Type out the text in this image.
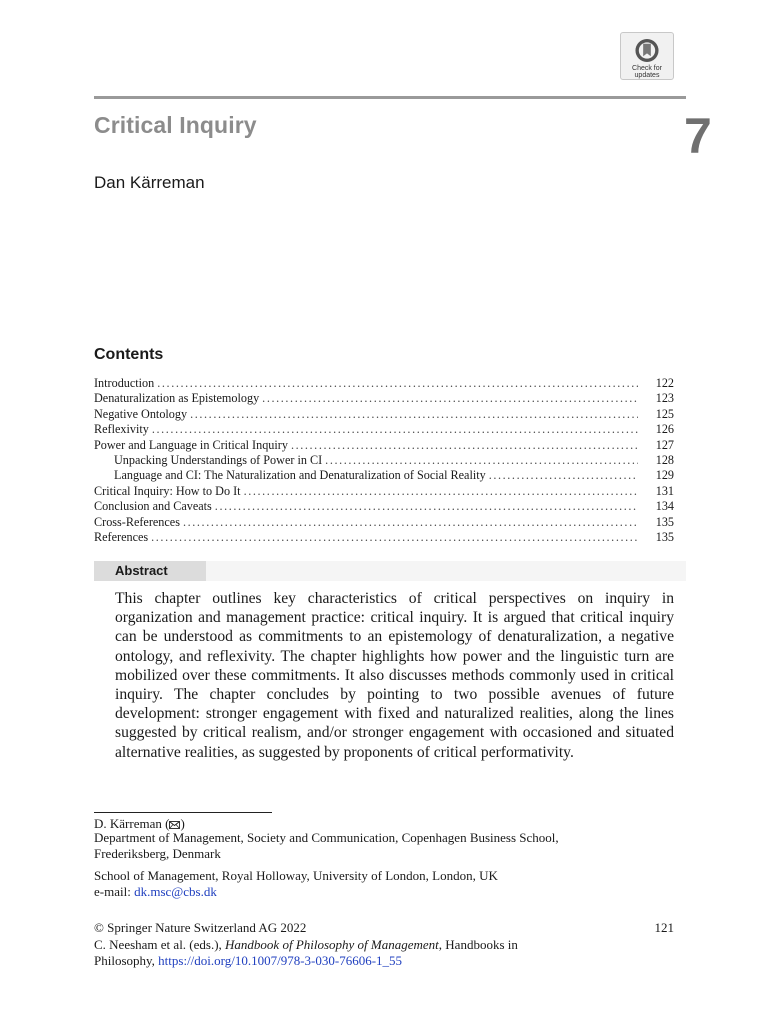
Check for updates
Critical Inquiry	7
Dan Kärreman
Contents
Introduction .....	122
Denaturalization as Epistemology .....	123
Negative Ontology .....	125
Reflexivity .....	126
Power and Language in Critical Inquiry .....	127
Unpacking Understandings of Power in CI .....	128
Language and CI: The Naturalization and Denaturalization of Social Reality .....	129
Critical Inquiry: How to Do It .....	131
Conclusion and Caveats .....	134
Cross-References .....	135
References .....	135
Abstract
This chapter outlines key characteristics of critical perspectives on inquiry in organization and management practice: critical inquiry. It is argued that critical inquiry can be understood as commitments to an epistemology of denaturalization, a negative ontology, and reflexivity. The chapter highlights how power and the linguistic turn are mobilized over these commitments. It also discusses methods commonly used in critical inquiry. The chapter concludes by pointing to two possible avenues of future development: stronger engagement with fixed and naturalized realities, along the lines suggested by critical realism, and/or stronger engagement with occasioned and situated alternative realities, as suggested by proponents of critical performativity.
D. Kärreman ( )
Department of Management, Society and Communication, Copenhagen Business School,
Frederiksberg, Denmark
School of Management, Royal Holloway, University of London, London, UK
e-mail: dk.msc@cbs.dk
© Springer Nature Switzerland AG 2022
C. Neesham et al. (eds.), Handbook of Philosophy of Management, Handbooks in
Philosophy, https://doi.org/10.1007/978-3-030-76606-1_55
121
